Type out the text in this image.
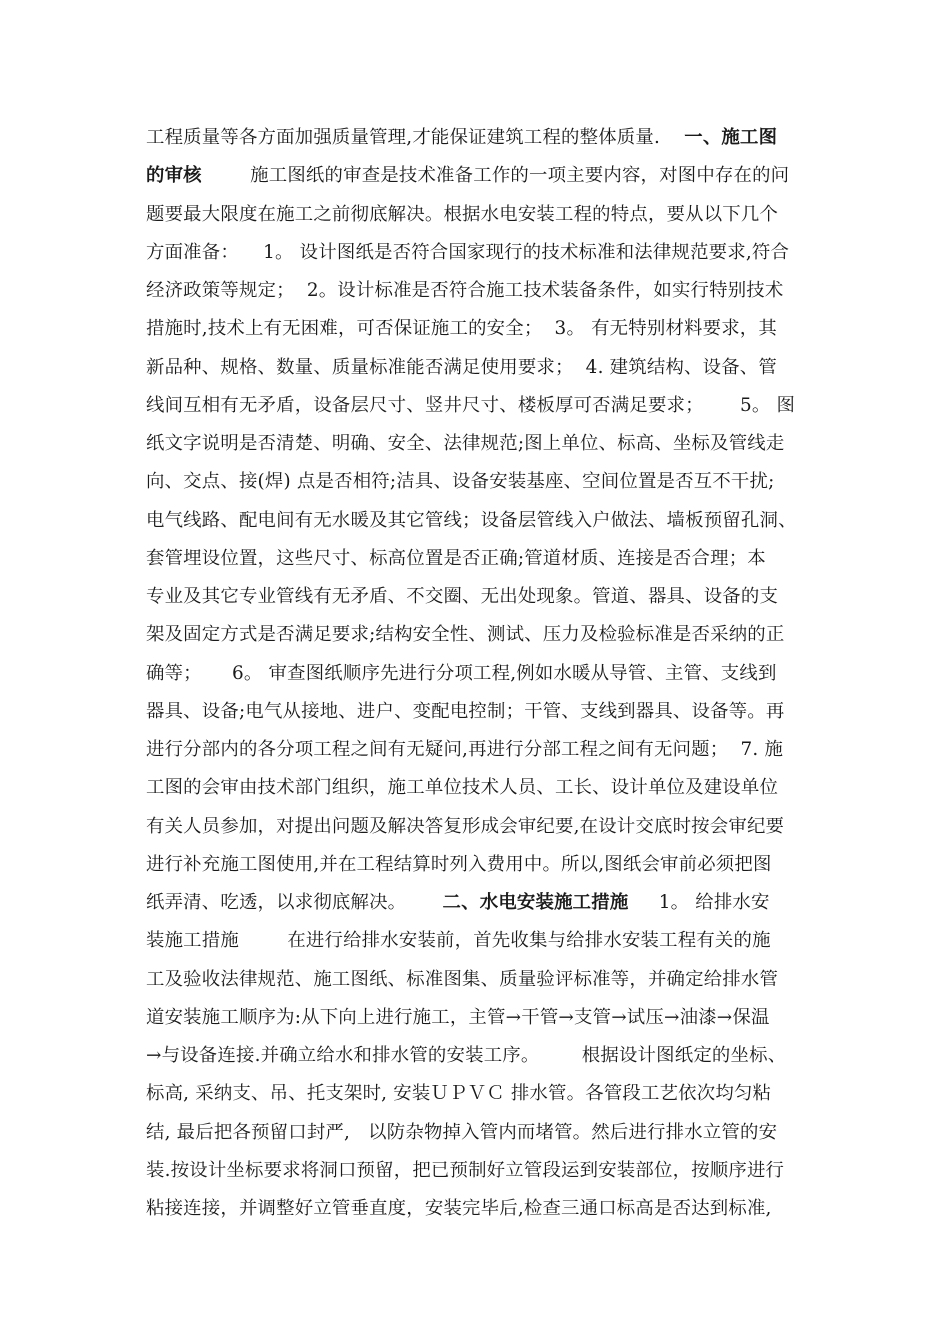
工程质量等各方面加强质量管理,才能保证建筑工程的整体质量.    一、施工图
的审核        施工图纸的审查是技术准备工作的一项主要内容，对图中存在的问
题要最大限度在施工之前彻底解决。根据水电安装工程的特点，要从以下几个
方面准备：    1。 设计图纸是否符合国家现行的技术标准和法律规范要求,符合
经济政策等规定；  2。设计标准是否符合施工技术装备条件，如实行特别技术
措施时,技术上有无困难，可否保证施工的安全；  3。 有无特别材料要求，其
新品种、规格、数量、质量标准能否满足使用要求；  4. 建筑结构、设备、管
线间互相有无矛盾，设备层尺寸、竖井尺寸、楼板厚可否满足要求；      5。 图
纸文字说明是否清楚、明确、安全、法律规范;图上单位、标高、坐标及管线走
向、交点、接(焊) 点是否相符;洁具、设备安装基座、空间位置是否互不干扰;
电气线路、配电间有无水暖及其它管线；设备层管线入户做法、墙板预留孔洞、
套管埋设位置，这些尺寸、标高位置是否正确;管道材质、连接是否合理；本
专业及其它专业管线有无矛盾、不交圈、无出处现象。管道、器具、设备的支
架及固定方式是否满足要求;结构安全性、测试、压力及检验标准是否采纳的正
确等；     6。 审查图纸顺序先进行分项工程,例如水暖从导管、主管、支线到
器具、设备;电气从接地、进户、变配电控制；干管、支线到器具、设备等。再
进行分部内的各分项工程之间有无疑问,再进行分部工程之间有无问题；  7. 施
工图的会审由技术部门组织，施工单位技术人员、工长、设计单位及建设单位
有关人员参加，对提出问题及解决答复形成会审纪要,在设计交底时按会审纪要
进行补充施工图使用,并在工程结算时列入费用中。所以,图纸会审前必须把图
纸弄清、吃透，以求彻底解决。      二、水电安装施工措施     1。 给排水安
装施工措施        在进行给排水安装前，首先收集与给排水安装工程有关的施
工及验收法律规范、施工图纸、标准图集、质量验评标准等，并确定给排水管
道安装施工顺序为:从下向上进行施工，主管→干管→支管→试压→油漆→保温
→与设备连接.并确立给水和排水管的安装工序。       根据设计图纸定的坐标、
标高, 采纳支、吊、托支架时, 安装ＵＰＶＣ 排水管。各管段工艺依次均匀粘
结, 最后把各预留口封严,   以防杂物掉入管内而堵管。然后进行排水立管的安
装.按设计坐标要求将洞口预留，把已预制好立管段运到安装部位，按顺序进行
粘接连接，并调整好立管垂直度，安装完毕后,检查三通口标高是否达到标准,
